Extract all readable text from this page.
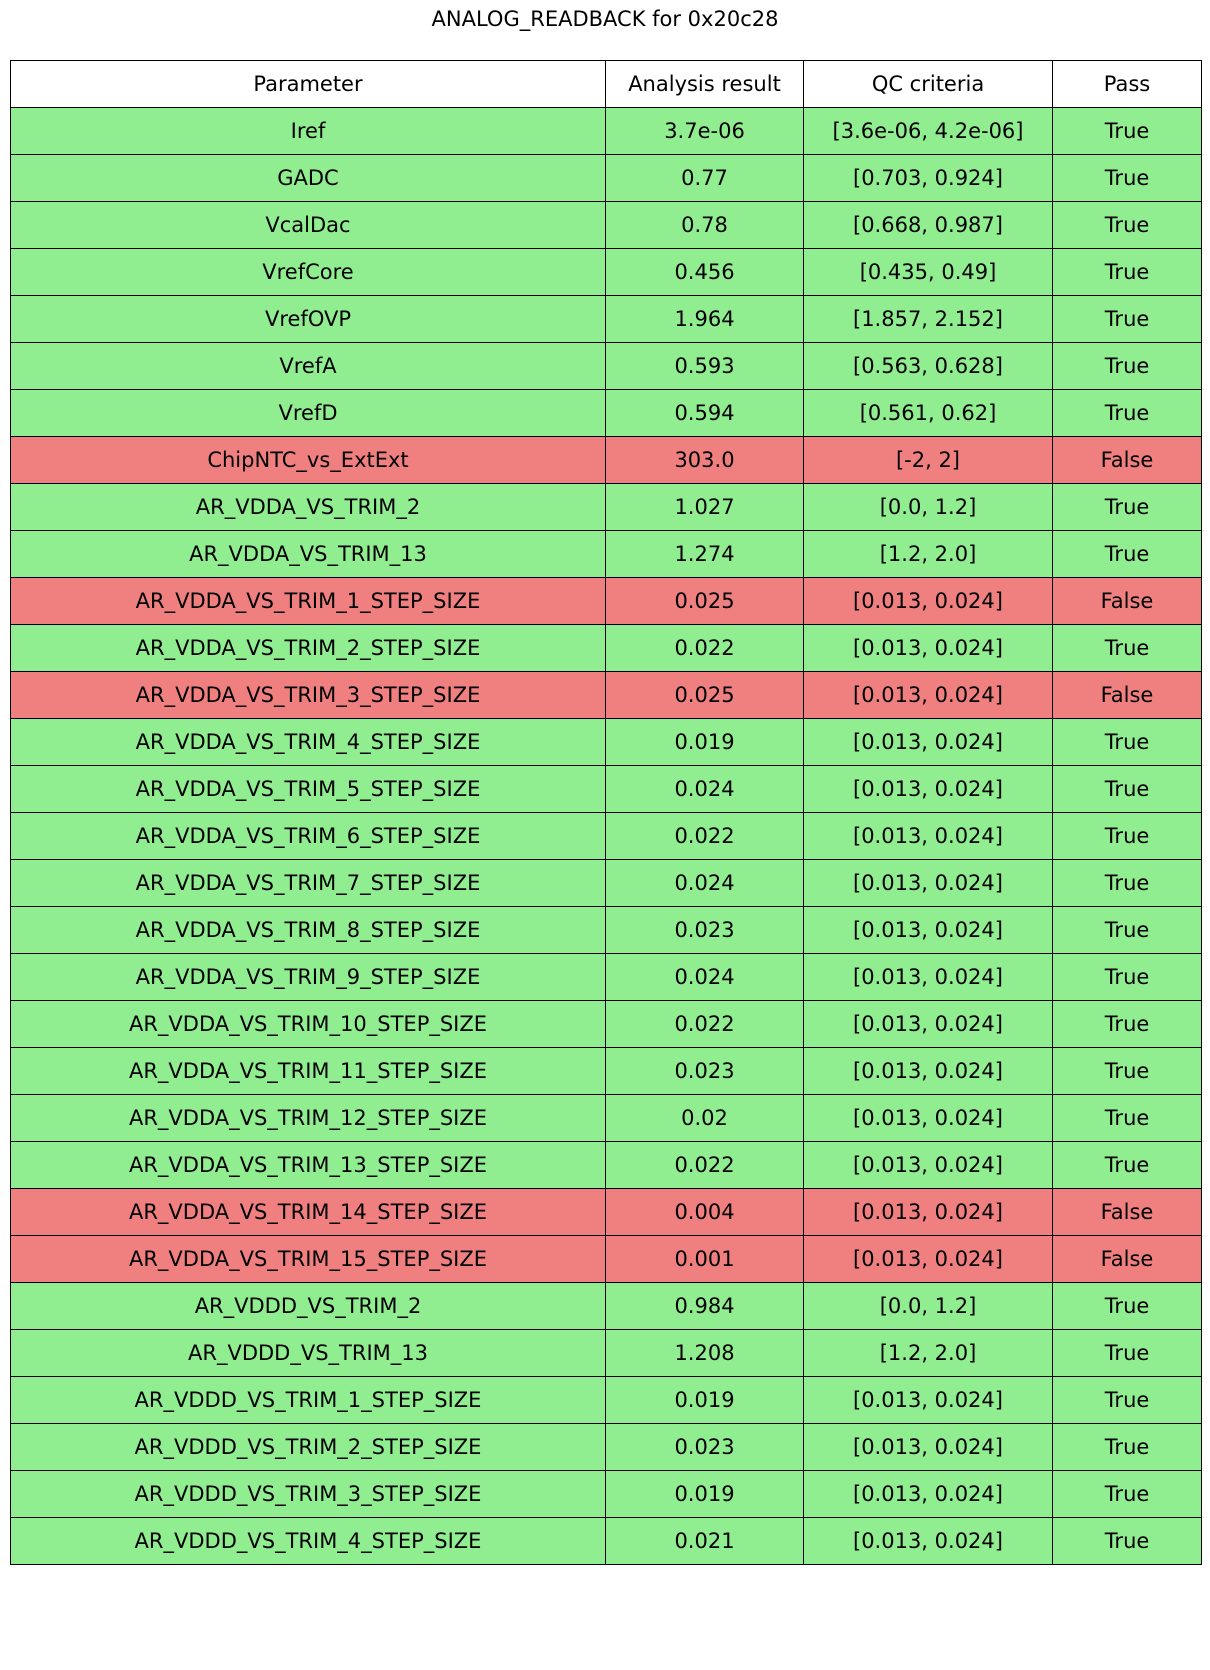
ANALOG_READBACK for 0x20c28
Parameter	Analysis result	QC criteria	Pass
Iref	3.7e-06	[3.6e-06, 4.2e-06]	True
GADC	0.77	[0.703, 0.924]	True
VcalDac	0.78	[0.668, 0.987]	True
VrefCore	0.456	[0.435, 0.49]	True
VrefOVP	1.964	[1.857, 2.152]	True
VrefA	0.593	[0.563, 0.628]	True
VrefD	0.594	[0.561, 0.62]	True
ChipNTC_vs_ExtExt	303.0	[-2, 2]	False
AR_VDDA_VS_TRIM_2	1.027	[0.0, 1.2]	True
AR_VDDA_VS_TRIM_13	1.274	[1.2, 2.0]	True
AR_VDDA_VS_TRIM_1_STEP_SIZE	0.025	[0.013, 0.024]	False
AR_VDDA_VS_TRIM_2_STEP_SIZE	0.022	[0.013, 0.024]	True
AR_VDDA_VS_TRIM_3_STEP_SIZE	0.025	[0.013, 0.024]	False
AR_VDDA_VS_TRIM_4_STEP_SIZE	0.019	[0.013, 0.024]	True
AR_VDDA_VS_TRIM_5_STEP_SIZE	0.024	[0.013, 0.024]	True
AR_VDDA_VS_TRIM_6_STEP_SIZE	0.022	[0.013, 0.024]	True
AR_VDDA_VS_TRIM_7_STEP_SIZE	0.024	[0.013, 0.024]	True
AR_VDDA_VS_TRIM_8_STEP_SIZE	0.023	[0.013, 0.024]	True
AR_VDDA_VS_TRIM_9_STEP_SIZE	0.024	[0.013, 0.024]	True
AR_VDDA_VS_TRIM_10_STEP_SIZE	0.022	[0.013, 0.024]	True
AR_VDDA_VS_TRIM_11_STEP_SIZE	0.023	[0.013, 0.024]	True
AR_VDDA_VS_TRIM_12_STEP_SIZE	0.02	[0.013, 0.024]	True
AR_VDDA_VS_TRIM_13_STEP_SIZE	0.022	[0.013, 0.024]	True
AR_VDDA_VS_TRIM_14_STEP_SIZE	0.004	[0.013, 0.024]	False
AR_VDDA_VS_TRIM_15_STEP_SIZE	0.001	[0.013, 0.024]	False
AR_VDDD_VS_TRIM_2	0.984	[0.0, 1.2]	True
AR_VDDD_VS_TRIM_13	1.208	[1.2, 2.0]	True
AR_VDDD_VS_TRIM_1_STEP_SIZE	0.019	[0.013, 0.024]	True
AR_VDDD_VS_TRIM_2_STEP_SIZE	0.023	[0.013, 0.024]	True
AR_VDDD_VS_TRIM_3_STEP_SIZE	0.019	[0.013, 0.024]	True
AR_VDDD_VS_TRIM_4_STEP_SIZE	0.021	[0.013, 0.024]	True
